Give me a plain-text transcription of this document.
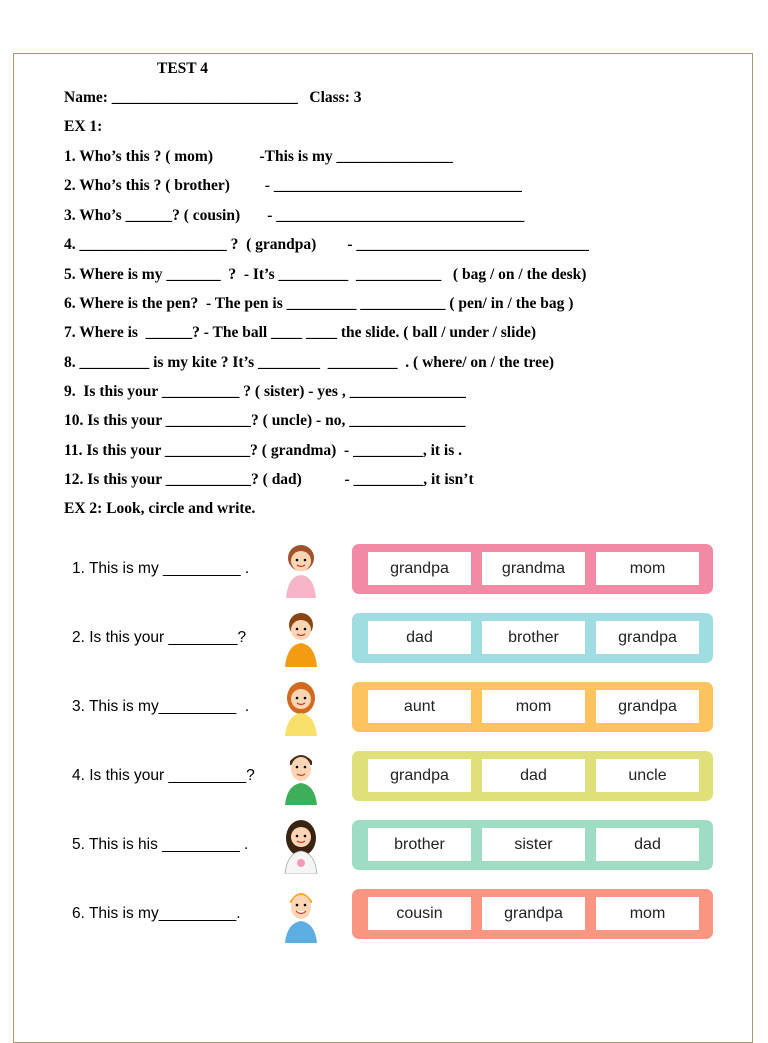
TEST 4
Name: ________________________   Class: 3
EX 1:
1. Who’s this ? ( mom)            -This is my _______________
2. Who’s this ? ( brother)         - ________________________________
3. Who’s ______? ( cousin)       - ________________________________
4. ___________________ ?  ( grandpa)        - ______________________________
5. Where is my _______  ?  - It’s _________  ___________   ( bag / on / the desk)
6. Where is the pen?  - The pen is _________ ___________ ( pen/ in / the bag )
7. Where is  ______? - The ball ____ ____ the slide. ( ball / under / slide)
8. _________ is my kite ? It’s ________  _________  . ( where/ on / the tree)
9.  Is this your __________ ? ( sister) - yes , _______________
10. Is this your ___________? ( uncle) - no, _______________
11. Is this your ___________? ( grandma)  - _________, it is .
12. Is this your ___________? ( dad)           - _________, it isn’t
EX 2: Look, circle and write.
1. This is my _________ .	grandpa	grandma	mom
2. Is this your ________?	dad	brother	grandpa
3. This is my_________  .	aunt	mom	grandpa
4. Is this your _________?	grandpa	dad	uncle
5. This is his _________ .	brother	sister	dad
6. This is my_________.	cousin	grandpa	mom
